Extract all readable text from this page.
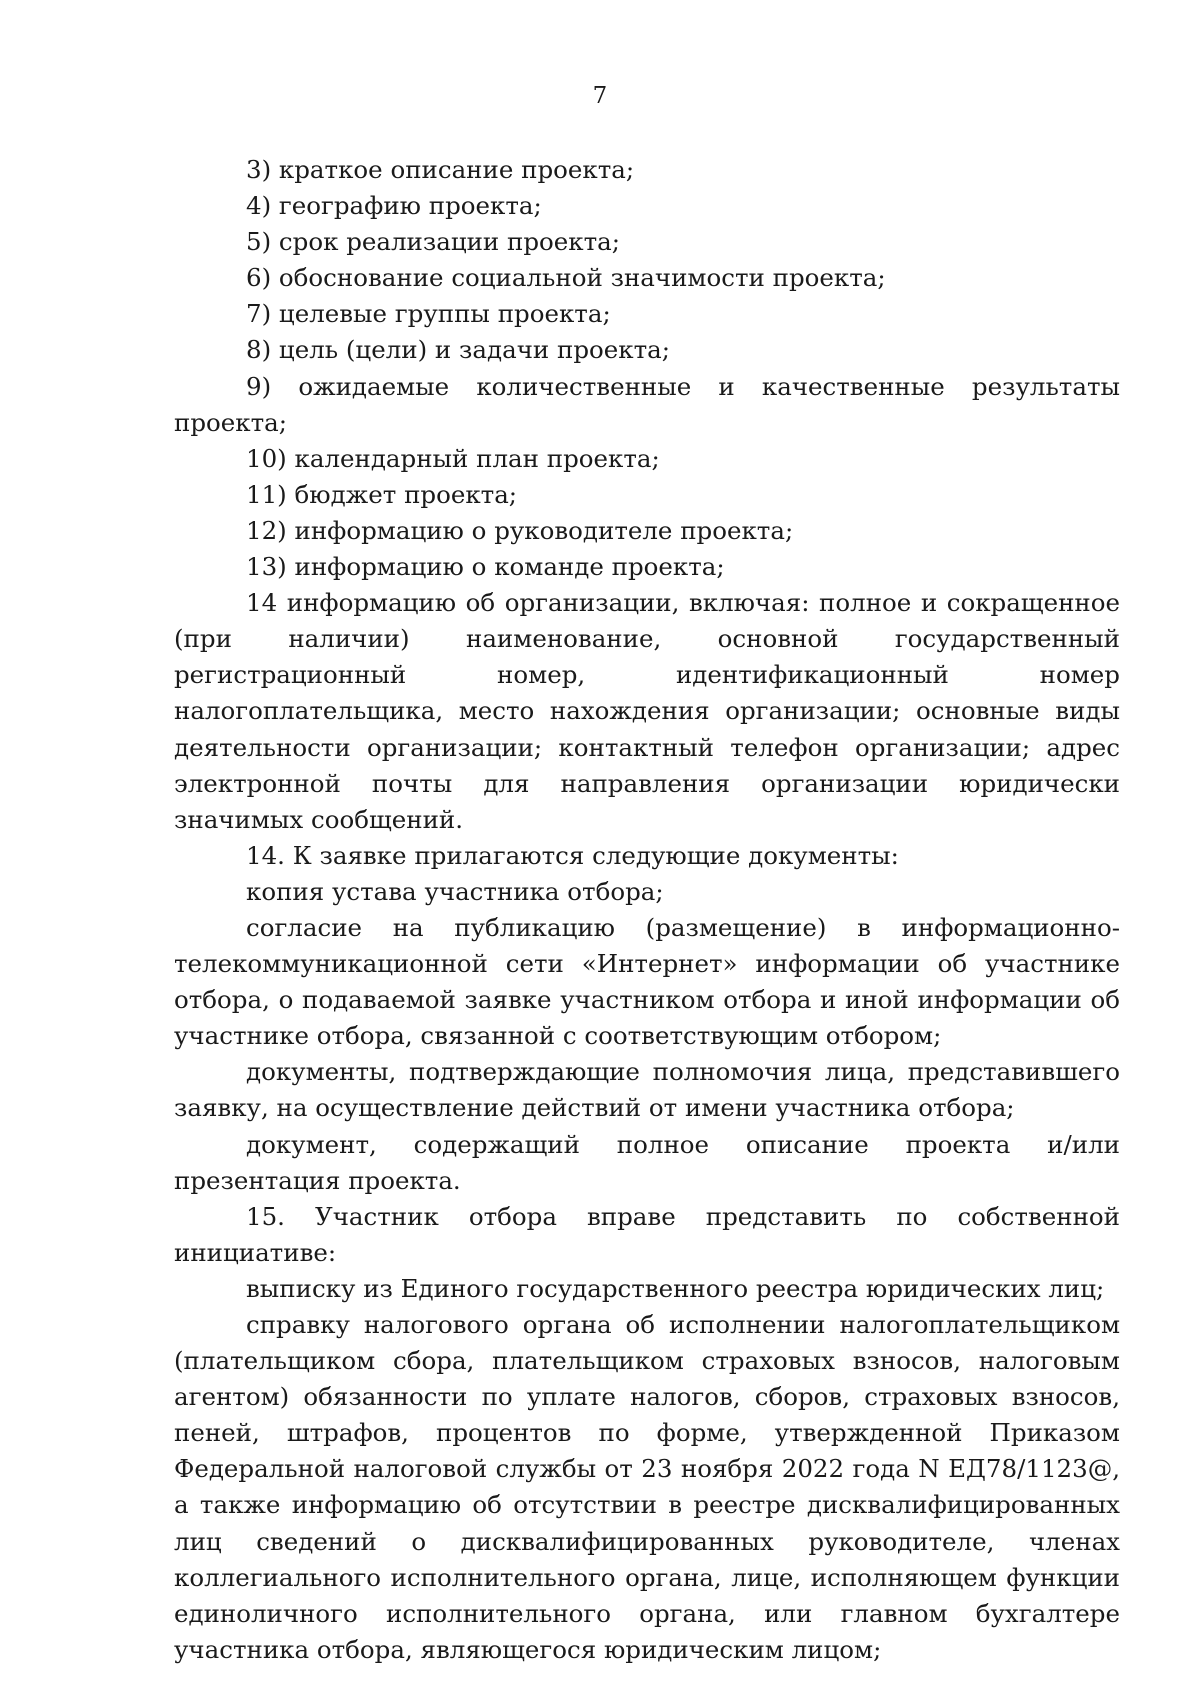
7

3) краткое описание проекта;

4) географию проекта;

5) срок реализации проекта;

6) обоснование социальной значимости проекта;

7) целевые группы проекта;

8) цель (цели) и задачи проекта;

9) ожидаемые количественные и качественные результаты проекта;

10) календарный план проекта;

11) бюджет проекта;

12) информацию о руководителе проекта;

13) информацию о команде проекта;

14 информацию об организации, включая: полное и сокращенное (при наличии) наименование, основной государственный регистрационный номер, идентификационный номер налогоплательщика, место нахождения организации; основные виды деятельности организации; контактный телефон организации; адрес электронной почты для направления организации юридически значимых сообщений.

14. К заявке прилагаются следующие документы:

копия устава участника отбора;

согласие на публикацию (размещение) в информационно-телекоммуникационной сети «Интернет» информации об участнике отбора, о подаваемой заявке участником отбора и иной информации об участнике отбора, связанной с соответствующим отбором;

документы, подтверждающие полномочия лица, представившего заявку, на осуществление действий от имени участника отбора;

документ, содержащий полное описание проекта и/или презентация проекта.

15. Участник отбора вправе представить по собственной инициативе:

выписку из Единого государственного реестра юридических лиц;

справку налогового органа об исполнении налогоплательщиком (плательщиком сбора, плательщиком страховых взносов, налоговым агентом) обязанности по уплате налогов, сборов, страховых взносов, пеней, штрафов, процентов по форме, утвержденной Приказом Федеральной налоговой службы от 23 ноября 2022 года N ЕД78/1123@, а также информацию об отсутствии в реестре дисквалифицированных лиц сведений о дисквалифицированных руководителе, членах коллегиального исполнительного органа, лице, исполняющем функции единоличного исполнительного органа, или главном бухгалтере участника отбора, являющегося юридическим лицом;
